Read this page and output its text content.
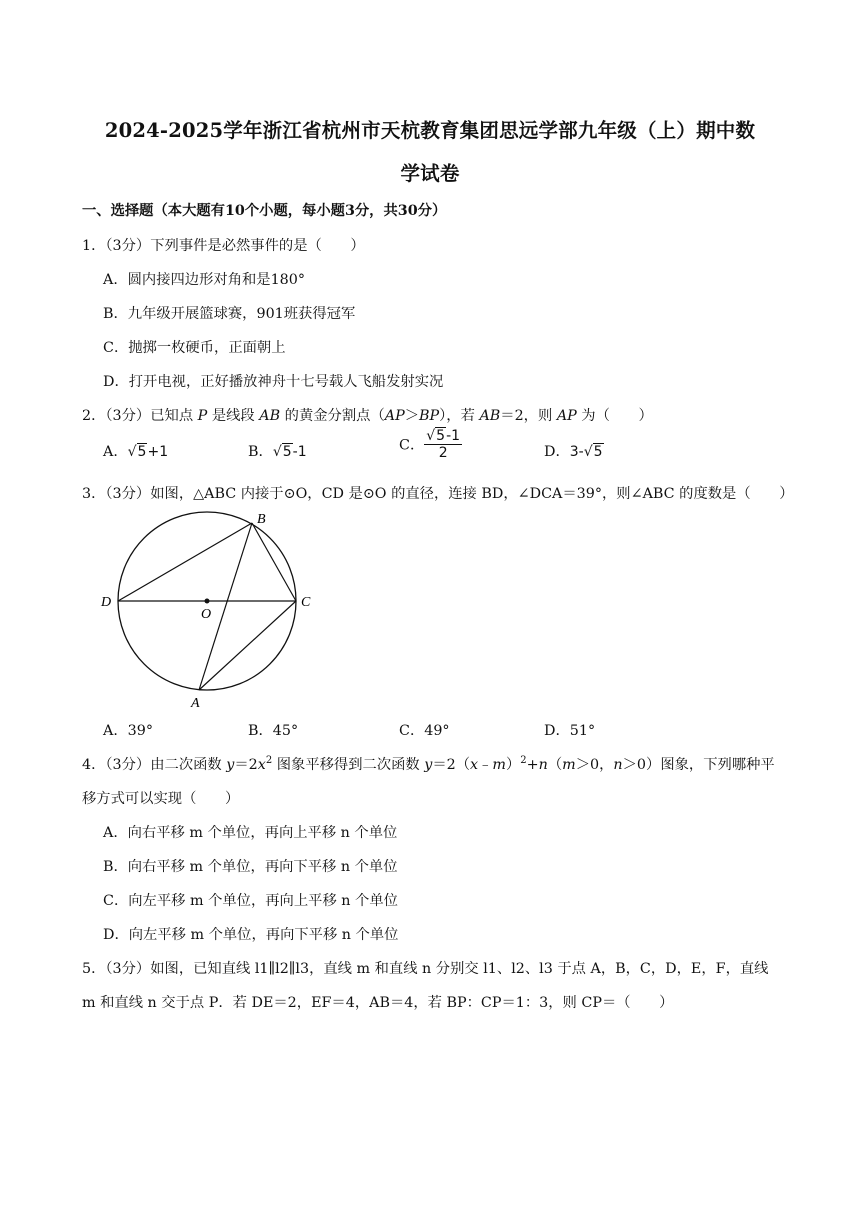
2024-2025学年浙江省杭州市天杭教育集团思远学部九年级（上）期中数
学试卷
一、选择题（本大题有10个小题，每小题3分，共30分）
1．（3分）下列事件是必然事件的是（　　）
A．圆内接四边形对角和是180°
B．九年级开展篮球赛，901班获得冠军
C．抛掷一枚硬币，正面朝上
D．打开电视，正好播放神舟十七号载人飞船发射实况
2．（3分）已知点 P 是线段 AB 的黄金分割点（AP＞BP），若 AB＝2，则 AP 为（　　）
A．√5+1	B．√5-1	C． $\frac{√5-1}{2}$	D．3-√5
3．（3分）如图，△ABC 内接于⊙O，CD 是⊙O 的直径，连接 BD，∠DCA＝39°，则∠ABC 的度数是（　　）
B
D
O
C
A
A．39°	B．45°	C．49°	D．51°
4．（3分）由二次函数 $y=2x^2$ 图象平移得到二次函数 y＝2（x﹣m）$^2$+n（m＞0，n＞0）图象，下列哪种平
移方式可以实现（　　）
A．向右平移 m 个单位，再向上平移 n 个单位
B．向右平移 m 个单位，再向下平移 n 个单位
C．向左平移 m 个单位，再向上平移 n 个单位
D．向左平移 m 个单位，再向下平移 n 个单位
5．（3分）如图，已知直线 l1∥l2∥l3，直线 m 和直线 n 分别交 l1、l2、l3 于点 A，B，C，D，E，F，直线
m 和直线 n 交于点 P．若 DE＝2，EF＝4，AB＝4，若 BP：CP＝1：3，则 CP＝（　　）
